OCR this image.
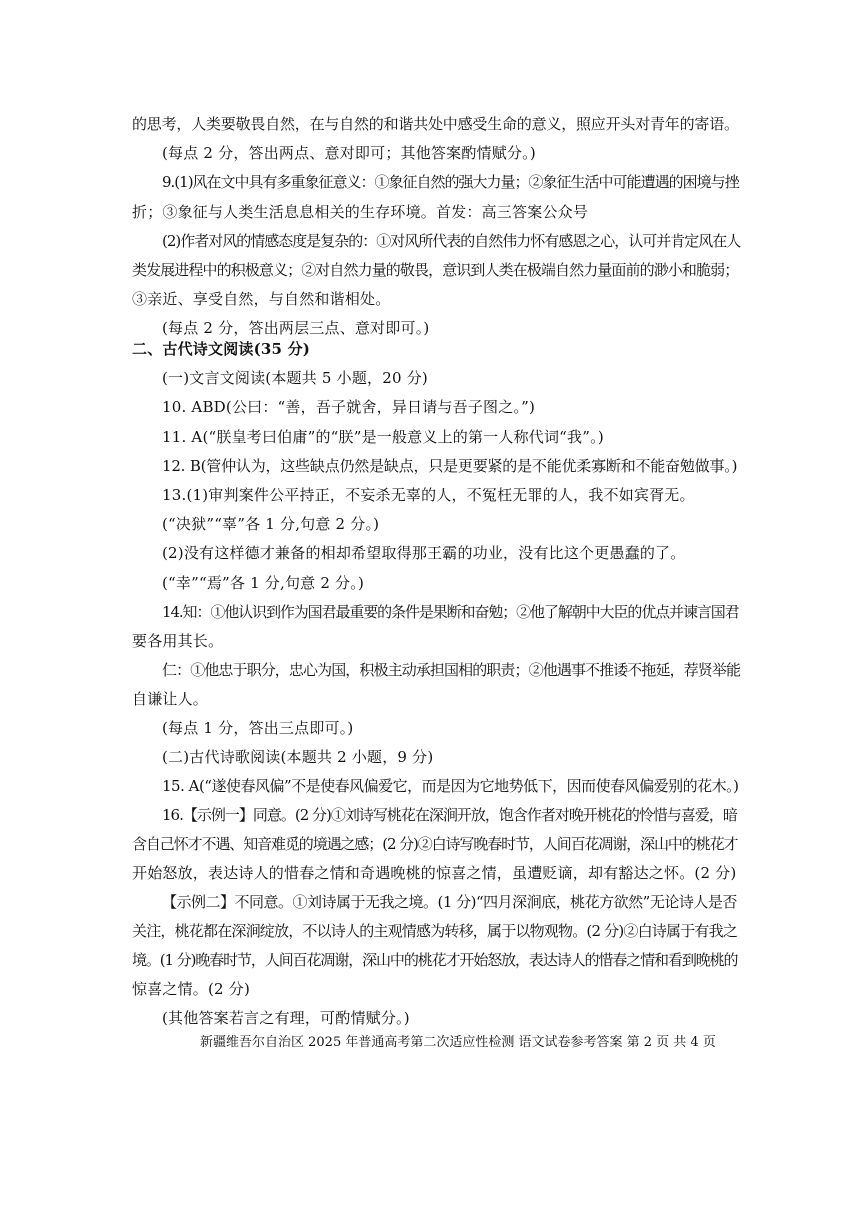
的思考，人类要敬畏自然，在与自然的和谐共处中感受生命的意义，照应开头对青年的寄语。
(每点 2 分，答出两点、意对即可；其他答案酌情赋分。)
9.(1)风在文中具有多重象征意义：①象征自然的强大力量；②象征生活中可能遭遇的困境与挫
折；③象征与人类生活息息相关的生存环境。首发：高三答案公众号
(2)作者对风的情感态度是复杂的：①对风所代表的自然伟力怀有感恩之心，认可并肯定风在人
类发展进程中的积极意义；②对自然力量的敬畏，意识到人类在极端自然力量面前的渺小和脆弱；
③亲近、享受自然，与自然和谐相处。
(每点 2 分，答出两层三点、意对即可。)
二、古代诗文阅读(35 分)
(一)文言文阅读(本题共 5 小题，20 分)
10. ABD(公曰：“善，吾子就舍，异日请与吾子图之。”)
11. A(“朕皇考曰伯庸”的“朕”是一般意义上的第一人称代词“我”。)
12. B(管仲认为，这些缺点仍然是缺点，只是更要紧的是不能优柔寡断和不能奋勉做事。)
13.(1)审判案件公平持正，不妄杀无辜的人，不冤枉无罪的人，我不如宾胥无。
(“决狱”“辜”各 1 分,句意 2 分。)
(2)没有这样德才兼备的相却希望取得那王霸的功业，没有比这个更愚蠢的了。
(“幸”“焉”各 1 分,句意 2 分。)
14.知：①他认识到作为国君最重要的条件是果断和奋勉；②他了解朝中大臣的优点并谏言国君
要各用其长。
仁：①他忠于职分，忠心为国，积极主动承担国相的职责；②他遇事不推诿不拖延，荐贤举能
自谦让人。
(每点 1 分，答出三点即可。)
(二)古代诗歌阅读(本题共 2 小题，9 分)
15. A(“遂使春风偏”不是使春风偏爱它，而是因为它地势低下，因而使春风偏爱别的花木。)
16.【示例一】同意。(2 分)①刘诗写桃花在深涧开放，饱含作者对晚开桃花的怜惜与喜爱，暗
含自己怀才不遇、知音难觅的境遇之感；(2 分)②白诗写晚春时节，人间百花凋谢，深山中的桃花才
开始怒放，表达诗人的惜春之情和奇遇晚桃的惊喜之情，虽遭贬谪，却有豁达之怀。(2 分)
【示例二】不同意。①刘诗属于无我之境。(1 分)“四月深涧底，桃花方欲然”无论诗人是否
关注，桃花都在深涧绽放，不以诗人的主观情感为转移，属于以物观物。(2 分)②白诗属于有我之
境。(1 分)晚春时节，人间百花凋谢，深山中的桃花才开始怒放，表达诗人的惜春之情和看到晚桃的
惊喜之情。(2 分)
(其他答案若言之有理，可酌情赋分。)
新疆维吾尔自治区 2025 年普通高考第二次适应性检测 语文试卷参考答案 第 2 页 共 4 页
